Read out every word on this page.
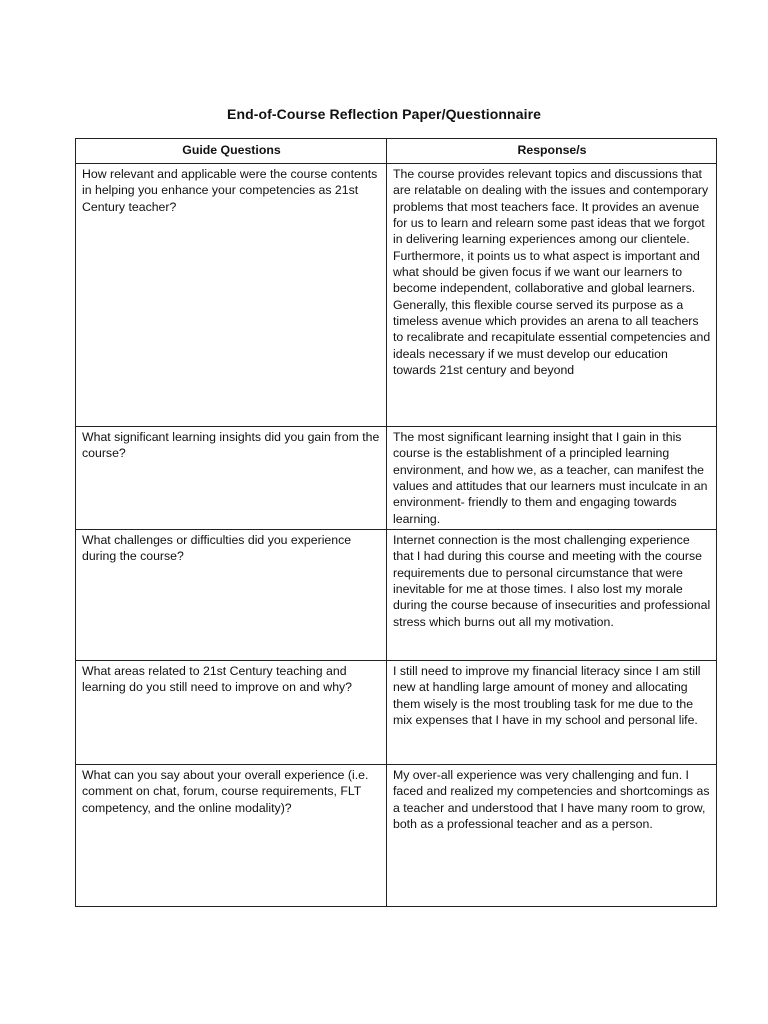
End-of-Course Reflection Paper/Questionnaire
Guide Questions	Response/s
How relevant and applicable were the course contents in helping you enhance your competencies as 21st Century teacher?	The course provides relevant topics and discussions that are relatable on dealing with the issues and contemporary problems that most teachers face. It provides an avenue for us to learn and relearn some past ideas that we forgot in delivering learning experiences among our clientele. Furthermore, it points us to what aspect is important and what should be given focus if we want our learners to become independent, collaborative and global learners. Generally, this flexible course served its purpose as a timeless avenue which provides an arena to all teachers to recalibrate and recapitulate essential competencies and ideals necessary if we must develop our education towards 21st century and beyond
What significant learning insights did you gain from the course?	The most significant learning insight that I gain in this course is the establishment of a principled learning environment, and how we, as a teacher, can manifest the values and attitudes that our learners must inculcate in an environment- friendly to them and engaging towards learning.
What challenges or difficulties did you experience during the course?	Internet connection is the most challenging experience that I had during this course and meeting with the course requirements due to personal circumstance that were inevitable for me at those times. I also lost my morale during the course because of insecurities and professional stress which burns out all my motivation.
What areas related to 21st Century teaching and learning do you still need to improve on and why?	I still need to improve my financial literacy since I am still new at handling large amount of money and allocating them wisely is the most troubling task for me due to the mix expenses that I have in my school and personal life.
What can you say about your overall experience (i.e. comment on chat, forum, course requirements, FLT competency, and the online modality)?	My over-all experience was very challenging and fun. I faced and realized my competencies and shortcomings as a teacher and understood that I have many room to grow, both as a professional teacher and as a person.
